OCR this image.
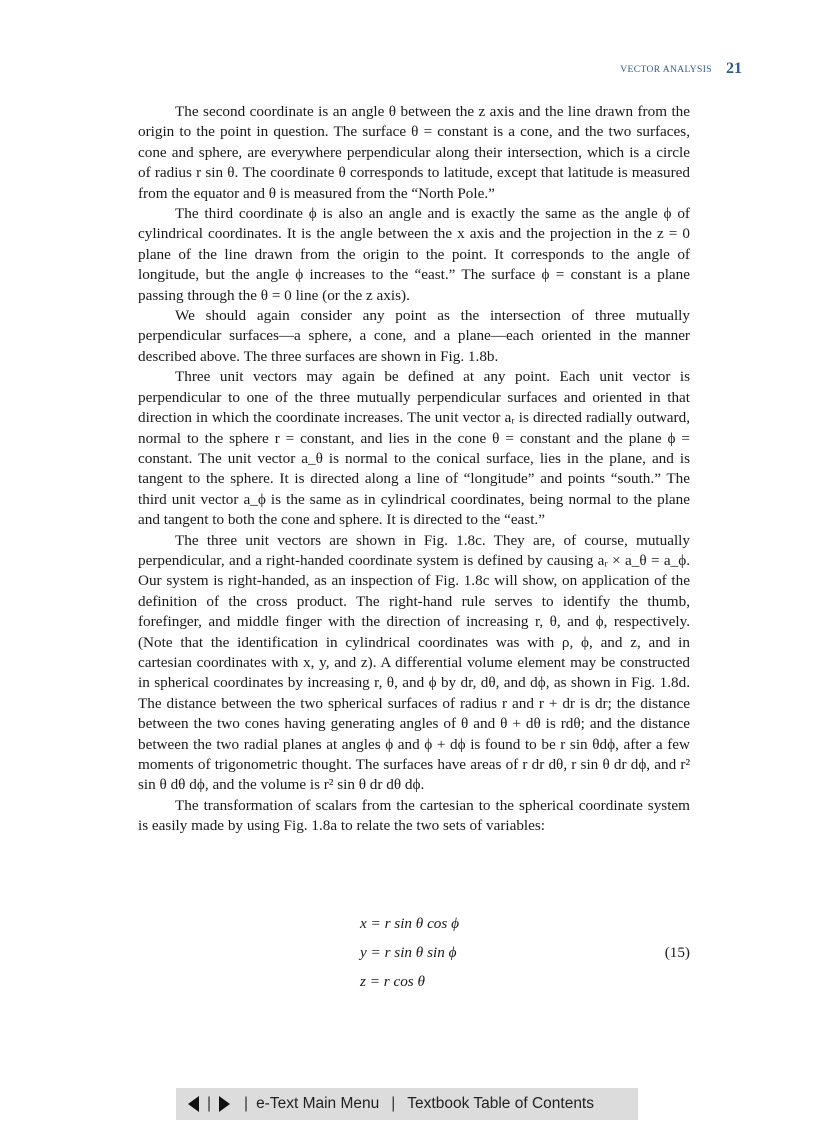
VECTOR ANALYSIS 21

The second coordinate is an angle θ between the z axis and the line drawn from the origin to the point in question. The surface θ = constant is a cone, and the two surfaces, cone and sphere, are everywhere perpendicular along their intersection, which is a circle of radius r sin θ. The coordinate θ corresponds to latitude, except that latitude is measured from the equator and θ is measured from the “North Pole.”

The third coordinate ϕ is also an angle and is exactly the same as the angle ϕ of cylindrical coordinates. It is the angle between the x axis and the projection in the z = 0 plane of the line drawn from the origin to the point. It corresponds to the angle of longitude, but the angle ϕ increases to the “east.” The surface ϕ = constant is a plane passing through the θ = 0 line (or the z axis).

We should again consider any point as the intersection of three mutually perpendicular surfaces—a sphere, a cone, and a plane—each oriented in the manner described above. The three surfaces are shown in Fig. 1.8b.

Three unit vectors may again be defined at any point. Each unit vector is perpendicular to one of the three mutually perpendicular surfaces and oriented in that direction in which the coordinate increases. The unit vector aᵣ is directed radially outward, normal to the sphere r = constant, and lies in the cone θ = constant and the plane ϕ = constant. The unit vector a_θ is normal to the conical surface, lies in the plane, and is tangent to the sphere. It is directed along a line of “longitude” and points “south.” The third unit vector a_ϕ is the same as in cylindrical coordinates, being normal to the plane and tangent to both the cone and sphere. It is directed to the “east.”

The three unit vectors are shown in Fig. 1.8c. They are, of course, mutually perpendicular, and a right-handed coordinate system is defined by causing aᵣ × a_θ = a_ϕ. Our system is right-handed, as an inspection of Fig. 1.8c will show, on application of the definition of the cross product. The right-hand rule serves to identify the thumb, forefinger, and middle finger with the direction of increasing r, θ, and ϕ, respectively. (Note that the identification in cylindrical coordinates was with ρ, ϕ, and z, and in cartesian coordinates with x, y, and z). A differential volume element may be constructed in spherical coordinates by increasing r, θ, and ϕ by dr, dθ, and dϕ, as shown in Fig. 1.8d. The distance between the two spherical surfaces of radius r and r + dr is dr; the distance between the two cones having generating angles of θ and θ + dθ is rdθ; and the distance between the two radial planes at angles ϕ and ϕ + dϕ is found to be r sin θdϕ, after a few moments of trigonometric thought. The surfaces have areas of r dr dθ, r sin θ dr dϕ, and r² sin θ dθ dϕ, and the volume is r² sin θ dr dθ dϕ.

The transformation of scalars from the cartesian to the spherical coordinate system is easily made by using Fig. 1.8a to relate the two sets of variables:

x = r sin θ cos ϕ
y = r sin θ sin ϕ
z = r cos θ
(15)
| | e-Text Main Menu | Textbook Table of Contents
